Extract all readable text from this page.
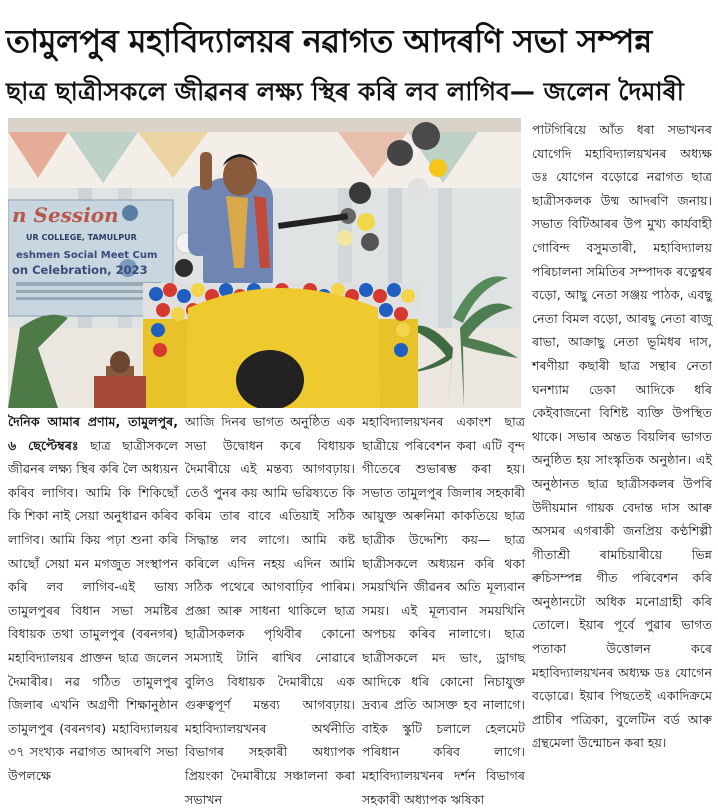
তামুলপুৰ মহাবিদ্যালয়ৰ নৱাগত আদৰণি সভা সম্পন্ন
ছাত্ৰ ছাত্ৰীসকলে জীৱনৰ লক্ষ্য স্থিৰ কৰি লব লাগিব— জলেন দৈমাৰী
n Session
UR COLLEGE, TAMULPUR
eshmen Social Meet Cum
on Celebration, 2023

দৈনিক আমাৰ প্ৰণাম, তামুলপুৰ, ৬ ছেপ্টেম্বৰঃ ছাত্ৰ ছাত্ৰীসকলে জীৱনৰ লক্ষ্য স্থিৰ কৰি লৈ অধ্যয়ন কৰিব লাগিব। আমি কি শিকিছোঁ কি শিকা নাই সেয়া অনুধাৱন কৰিব লাগিব। আমি কিয় পঢ়া শুনা কৰি আছোঁ সেয়া মন মগজুত সংস্থাপন কৰি লব লাগিব-এই ভাষ্য তামুলপুৰৰ বিধান সভা সমষ্টিৰ বিধায়ক তথা তামুলপুৰ (বৰনগৰ) মহাবিদ্যালয়ৰ প্ৰাক্তন ছাত্ৰ জলেন দৈমাৰীৰ। নৱ গঠিত তামুলপুৰ জিলাৰ এখনি অগ্ৰণী শিক্ষানুষ্ঠান তামুলপুৰ (বৰনগৰ) মহাবিদ্যালয়ৰ ৩৭ সংখ্যক নৱাগত আদৰণি সভা উপলক্ষে

আজি দিনৰ ভাগত অনুষ্ঠিত এক সভা উদ্বোধন কৰে বিধায়ক দৈমাৰীয়ে এই মন্তব্য আগবঢ়ায়। তেওঁ পুনৰ কয় আমি ভৱিষ্যতে কি কৰিম তাৰ বাবে এতিয়াই সঠিক সিদ্ধান্ত লব লাগে। আমি কষ্ট কৰিলে এদিন নহয় এদিন আমি সঠিক পথেৰে আগবাঢ়িব পাৰিম। প্ৰজ্ঞা আৰু সাধনা থাকিলে ছাত্ৰ ছাত্ৰীসকলক পৃথিবীৰ কোনো সমস্যাই টানি ৰাখিব নোৱাৰে বুলিও বিধায়ক দৈমাৰীয়ে এক গুৰুত্বপূৰ্ণ মন্তব্য আগবঢ়ায়। মহাবিদ্যালয়খনৰ অৰ্থনীতি বিভাগৰ সহকাৰী অধ্যাপক প্ৰিয়ংকা দৈমাৰীয়ে সঞ্চালনা কৰা সভাখন

মহাবিদ্যালয়খনৰ একাংশ ছাত্ৰ ছাত্ৰীয়ে পৰিবেশন কৰা এটি বৃন্দ গীতেৰে শুভাৰম্ভ কৰা হয়। সভাত তামুলপুৰ জিলাৰ সহকাৰী আয়ুক্ত অৰুনিমা কাকতিয়ে ছাত্ৰ ছাত্ৰীক উদ্দেশ্যি কয়— ছাত্ৰ ছাত্ৰীসকলে অধ্যয়ন কৰি থকা সময়খিনি জীৱনৰ অতি মূল্যবান সময়। এই মূল্যবান সময়খিনি অপচয় কৰিব নালাগে। ছাত্ৰ ছাত্ৰীসকলে মদ ভাং, ড্ৰাগছ আদিকে ধৰি কোনো নিচাযুক্ত দ্ৰব্যৰ প্ৰতি আসক্ত হব নালাগে। বাইক স্কুটি চলালে হেলমেট পৰিধান কৰিব লাগে। মহাবিদ্যালয়খনৰ দৰ্শন বিভাগৰ সহকাৰী অধ্যাপক ঋষিকা

পাটগিৰিয়ে আঁত ধৰা সভাখনৰ যোগেদি মহাবিদ্যালয়খনৰ অধ্যক্ষ ডঃ যোগেন বড়োৱে নৱাগত ছাত্ৰ ছাত্ৰীসকলক উষ্ম আদৰণি জনায়। সভাত বিটিআৰৰ উপ মুখ্য কাৰ্যবাহী গোবিন্দ বসুমতাৰী, মহাবিদ্যালয় পৰিচালনা সমিতিৰ সম্পাদক ৰত্নেশ্বৰ বড়ো, আছু নেতা সঞ্জয় পাঠক, এবছু নেতা বিমল বড়ো, আৰছু নেতা ৰাজু ৰাভা, আক্ৰাছু নেতা ভূমিধৰ দাস, শৰণীয়া কছাৰী ছাত্ৰ সন্থাৰ নেতা ঘনশ্যাম ডেকা আদিকে ধৰি কেইবাজনো বিশিষ্ট ব্যক্তি উপস্থিত থাকে। সভাৰ অন্তত বিয়লিৰ ভাগত অনুষ্ঠিত হয় সাংস্কৃতিক অনুষ্ঠান। এই অনুষ্ঠানত ছাত্ৰ ছাত্ৰীসকলৰ উপৰি উদীয়মান গায়ক বেদান্ত দাস আৰু অসমৰ এগৰাকী জনপ্ৰিয় কণ্ঠশিল্পী গীতাশ্ৰী ৰামচিয়াৰীয়ে ভিন্ন ৰুচিসম্পন্ন গীত পৰিবেশন কৰি অনুষ্ঠানটো অধিক মনোগ্ৰাহী কৰি তোলে। ইয়াৰ পূৰ্বে পুৱাৰ ভাগত পতাকা উত্তোলন কৰে মহাবিদ্যালয়খনৰ অধ্যক্ষ ডঃ যোগেন বড়োৱে। ইয়াৰ পিছতেই একাদিক্ৰমে প্ৰাচীৰ পত্ৰিকা, বুলেটিন বৰ্ড আৰু গ্ৰন্থমেলা উন্মোচন কৰা হয়।
